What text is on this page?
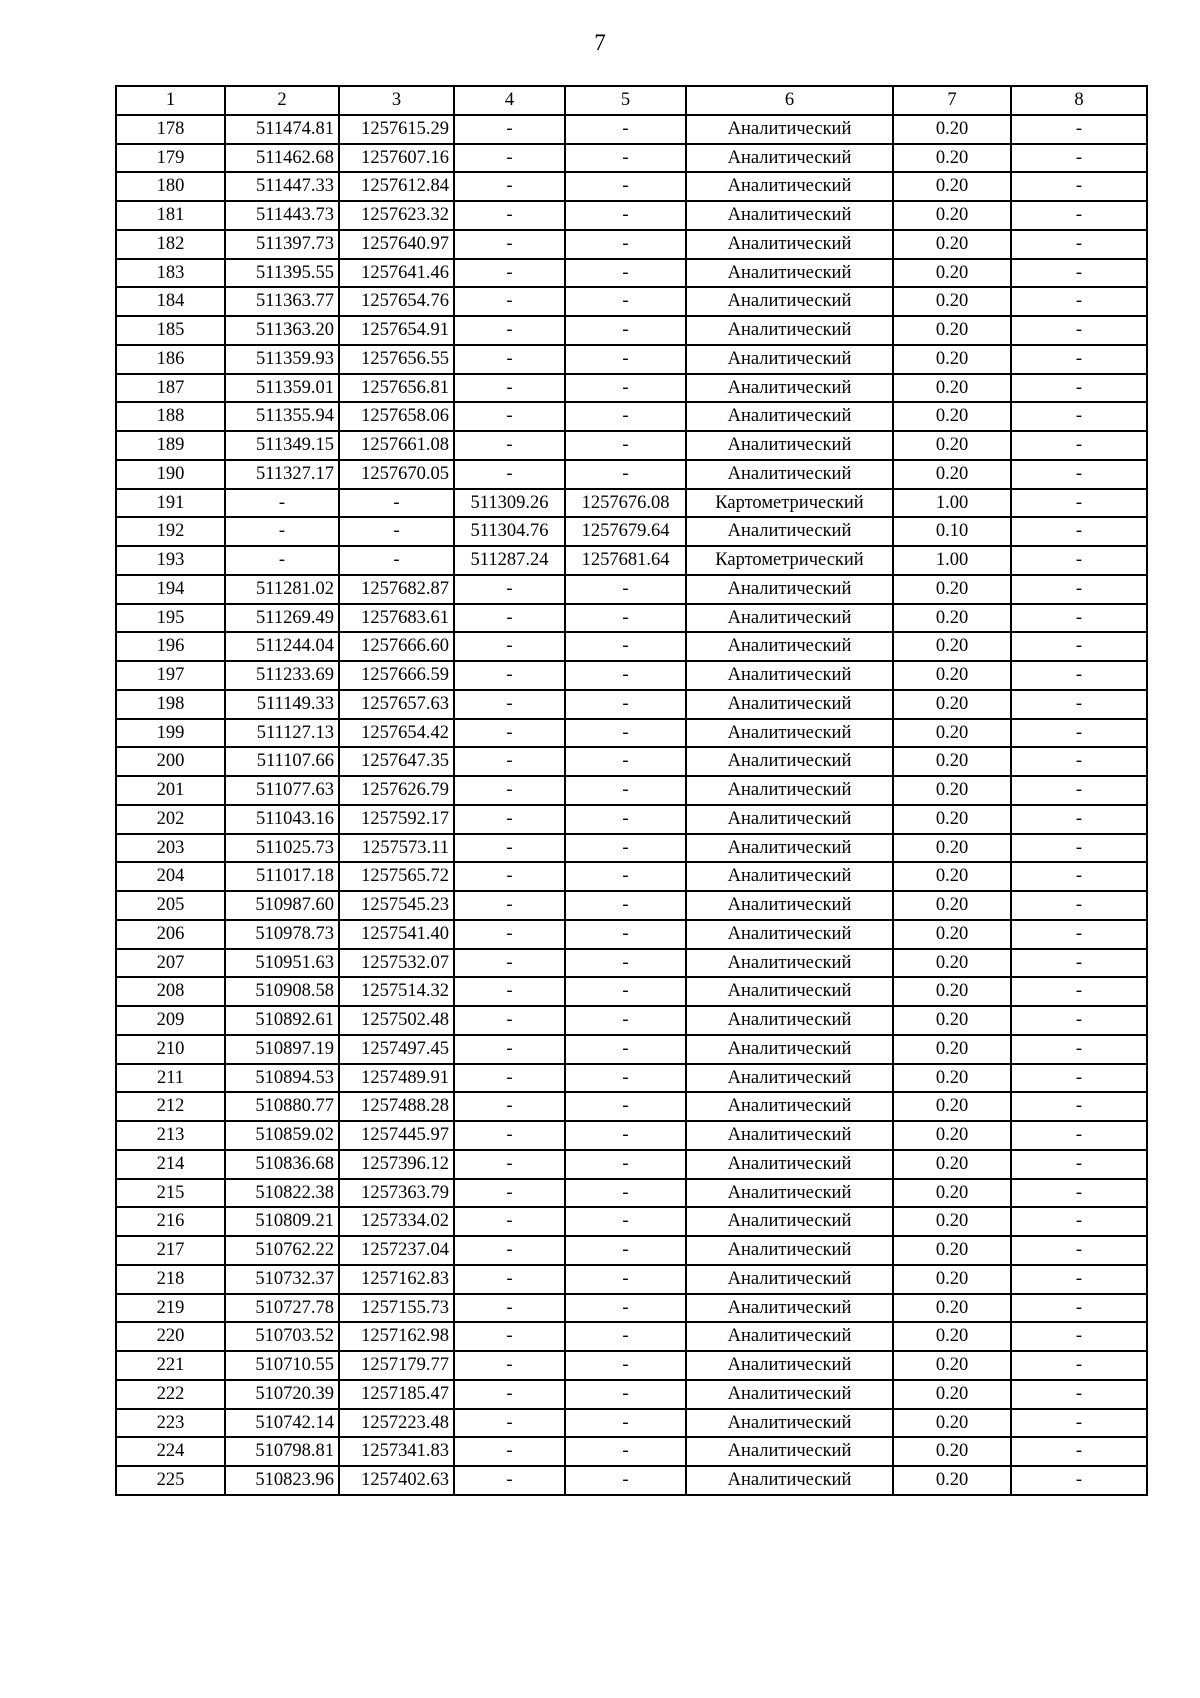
7
1	2	3	4	5	6	7	8
178	511474.81	1257615.29	-	-	Аналитический	0.20	-
179	511462.68	1257607.16	-	-	Аналитический	0.20	-
180	511447.33	1257612.84	-	-	Аналитический	0.20	-
181	511443.73	1257623.32	-	-	Аналитический	0.20	-
182	511397.73	1257640.97	-	-	Аналитический	0.20	-
183	511395.55	1257641.46	-	-	Аналитический	0.20	-
184	511363.77	1257654.76	-	-	Аналитический	0.20	-
185	511363.20	1257654.91	-	-	Аналитический	0.20	-
186	511359.93	1257656.55	-	-	Аналитический	0.20	-
187	511359.01	1257656.81	-	-	Аналитический	0.20	-
188	511355.94	1257658.06	-	-	Аналитический	0.20	-
189	511349.15	1257661.08	-	-	Аналитический	0.20	-
190	511327.17	1257670.05	-	-	Аналитический	0.20	-
191	-	-	511309.26	1257676.08	Картометрический	1.00	-
192	-	-	511304.76	1257679.64	Аналитический	0.10	-
193	-	-	511287.24	1257681.64	Картометрический	1.00	-
194	511281.02	1257682.87	-	-	Аналитический	0.20	-
195	511269.49	1257683.61	-	-	Аналитический	0.20	-
196	511244.04	1257666.60	-	-	Аналитический	0.20	-
197	511233.69	1257666.59	-	-	Аналитический	0.20	-
198	511149.33	1257657.63	-	-	Аналитический	0.20	-
199	511127.13	1257654.42	-	-	Аналитический	0.20	-
200	511107.66	1257647.35	-	-	Аналитический	0.20	-
201	511077.63	1257626.79	-	-	Аналитический	0.20	-
202	511043.16	1257592.17	-	-	Аналитический	0.20	-
203	511025.73	1257573.11	-	-	Аналитический	0.20	-
204	511017.18	1257565.72	-	-	Аналитический	0.20	-
205	510987.60	1257545.23	-	-	Аналитический	0.20	-
206	510978.73	1257541.40	-	-	Аналитический	0.20	-
207	510951.63	1257532.07	-	-	Аналитический	0.20	-
208	510908.58	1257514.32	-	-	Аналитический	0.20	-
209	510892.61	1257502.48	-	-	Аналитический	0.20	-
210	510897.19	1257497.45	-	-	Аналитический	0.20	-
211	510894.53	1257489.91	-	-	Аналитический	0.20	-
212	510880.77	1257488.28	-	-	Аналитический	0.20	-
213	510859.02	1257445.97	-	-	Аналитический	0.20	-
214	510836.68	1257396.12	-	-	Аналитический	0.20	-
215	510822.38	1257363.79	-	-	Аналитический	0.20	-
216	510809.21	1257334.02	-	-	Аналитический	0.20	-
217	510762.22	1257237.04	-	-	Аналитический	0.20	-
218	510732.37	1257162.83	-	-	Аналитический	0.20	-
219	510727.78	1257155.73	-	-	Аналитический	0.20	-
220	510703.52	1257162.98	-	-	Аналитический	0.20	-
221	510710.55	1257179.77	-	-	Аналитический	0.20	-
222	510720.39	1257185.47	-	-	Аналитический	0.20	-
223	510742.14	1257223.48	-	-	Аналитический	0.20	-
224	510798.81	1257341.83	-	-	Аналитический	0.20	-
225	510823.96	1257402.63	-	-	Аналитический	0.20	-
